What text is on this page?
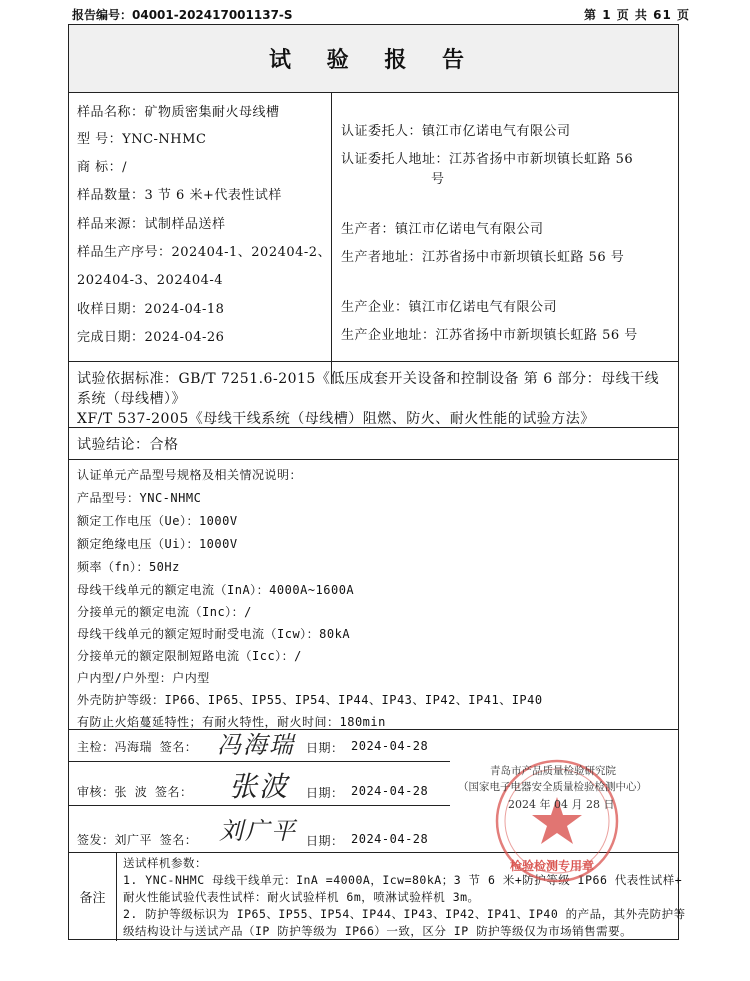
报告编号：04001-202417001137-S	第 1 页 共 61 页
试 验 报 告
样品名称：矿物质密集耐火母线槽
型 号：YNC-NHMC
商 标：/
样品数量：3 节 6 米+代表性试样
样品来源：试制样品送样
样品生产序号：202404-1、202404-2、
202404-3、202404-4
收样日期：2024-04-18
完成日期：2024-04-26
认证委托人：镇江市亿诺电气有限公司
认证委托人地址：江苏省扬中市新坝镇长虹路 56
号
生产者：镇江市亿诺电气有限公司
生产者地址：江苏省扬中市新坝镇长虹路 56 号
生产企业：镇江市亿诺电气有限公司
生产企业地址：江苏省扬中市新坝镇长虹路 56 号
试验依据标准：GB/T 7251.6-2015《低压成套开关设备和控制设备 第 6 部分：母线干线
系统（母线槽）》
XF/T 537-2005《母线干线系统（母线槽）阻燃、防火、耐火性能的试验方法》
试验结论：合格
认证单元产品型号规格及相关情况说明：
产品型号：YNC-NHMC
额定工作电压（Ue）：1000V
额定绝缘电压（Ui）：1000V
频率（fn）：50Hz
母线干线单元的额定电流（InA）：4000A~1600A
分接单元的额定电流（Inc）：/
母线干线单元的额定短时耐受电流（Icw）：80kA
分接单元的额定限制短路电流（Icc）：/
户内型/户外型：户内型
外壳防护等级：IP66、IP65、IP55、IP54、IP44、IP43、IP42、IP41、IP40
有防止火焰蔓延特性；有耐火特性，耐火时间：180min
主检：冯海瑞 签名： 冯海瑞 日期： 2024-04-28
审核：张 波 签名： 张波 日期： 2024-04-28
签发：刘广平 签名： 刘广平 日期： 2024-04-28
备注
送试样机参数：
1. YNC-NHMC 母线干线单元：InA =4000A，Icw=80kA；3 节 6 米+防护等级 IP66 代表性试样+
耐火性能试验代表性试样：耐火试验样机 6m，喷淋试验样机 3m。
2. 防护等级标识为 IP65、IP55、IP54、IP44、IP43、IP42、IP41、IP40 的产品，其外壳防护等
级结构设计与送试产品（IP 防护等级为 IP66）一致，区分 IP 防护等级仅为市场销售需要。
青岛市产品质量检验研究院
（国家电子电器安全质量检验检测中心）
2024 年 04 月 28 日
检验检测专用章
